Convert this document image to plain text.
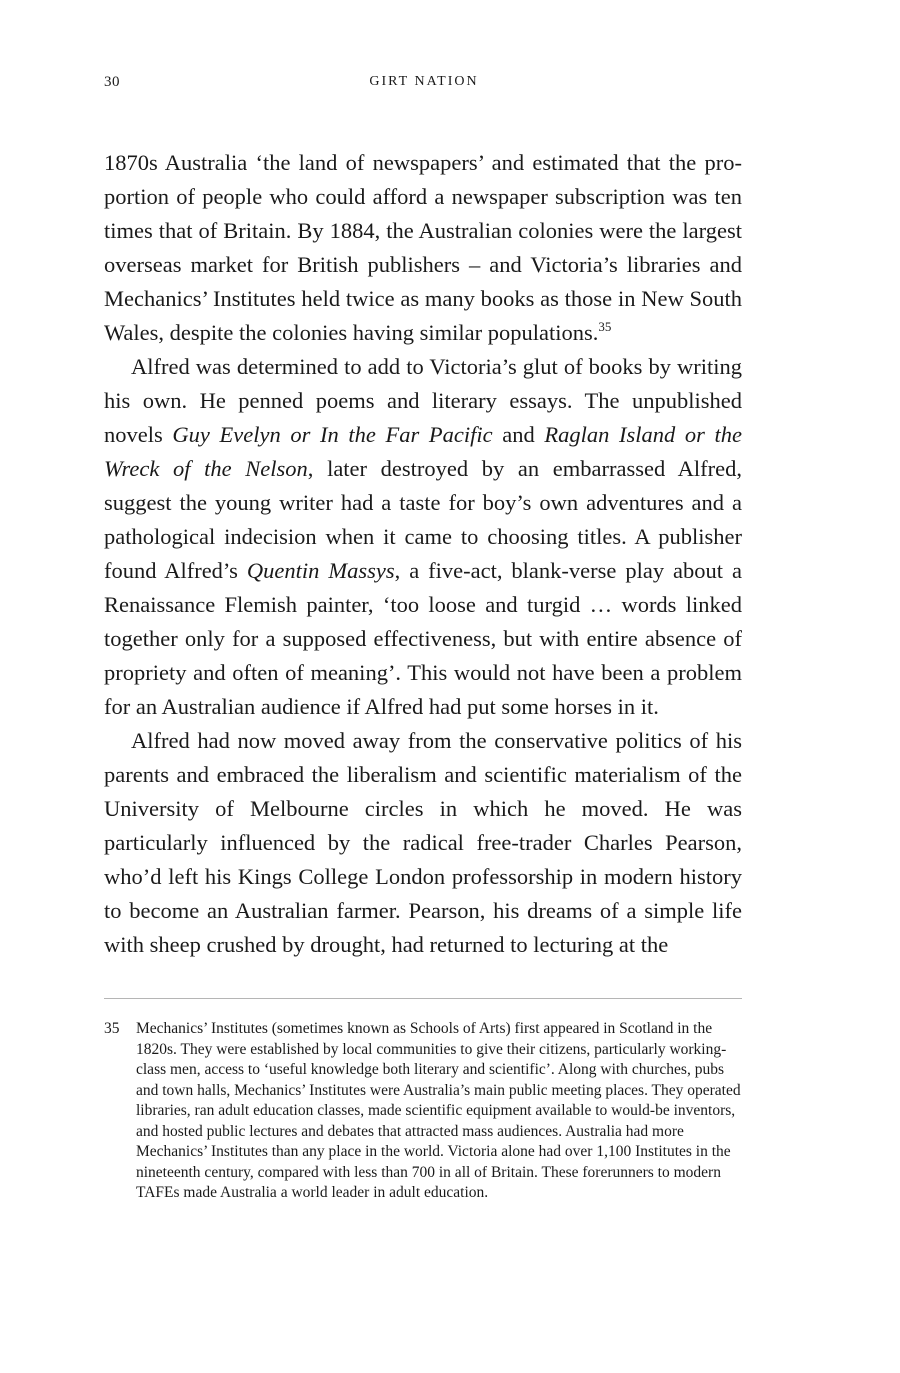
30	GIRT NATION

1870s Australia ‘the land of newspapers’ and estimated that the proportion of people who could afford a newspaper subscription was ten times that of Britain. By 1884, the Australian colonies were the largest overseas market for British publishers – and Victoria’s libraries and Mechanics’ Institutes held twice as many books as those in New South Wales, despite the colonies having similar populations.$^{35}$

Alfred was determined to add to Victoria’s glut of books by writing his own. He penned poems and literary essays. The unpublished novels Guy Evelyn or In the Far Pacific and Raglan Island or the Wreck of the Nelson, later destroyed by an embarrassed Alfred, suggest the young writer had a taste for boy’s own adventures and a pathological indecision when it came to choosing titles. A publisher found Alfred’s Quentin Massys, a five-act, blank-verse play about a Renaissance Flemish painter, ‘too loose and turgid … words linked together only for a supposed effectiveness, but with entire absence of propriety and often of meaning’. This would not have been a problem for an Australian audience if Alfred had put some horses in it.

Alfred had now moved away from the conservative politics of his parents and embraced the liberalism and scientific materialism of the University of Melbourne circles in which he moved. He was particularly influenced by the radical free-trader Charles Pearson, who’d left his Kings College London professorship in modern history to become an Australian farmer. Pearson, his dreams of a simple life with sheep crushed by drought, had returned to lecturing at the

35 Mechanics’ Institutes (sometimes known as Schools of Arts) first appeared in Scotland in the 1820s. They were established by local communities to give their citizens, particularly working-class men, access to ‘useful knowledge both literary and scientific’. Along with churches, pubs and town halls, Mechanics’ Institutes were Australia’s main public meeting places. They operated libraries, ran adult education classes, made scientific equipment available to would-be inventors, and hosted public lectures and debates that attracted mass audiences. Australia had more Mechanics’ Institutes than any place in the world. Victoria alone had over 1,100 Institutes in the nineteenth century, compared with less than 700 in all of Britain. These forerunners to modern TAFEs made Australia a world leader in adult education.
